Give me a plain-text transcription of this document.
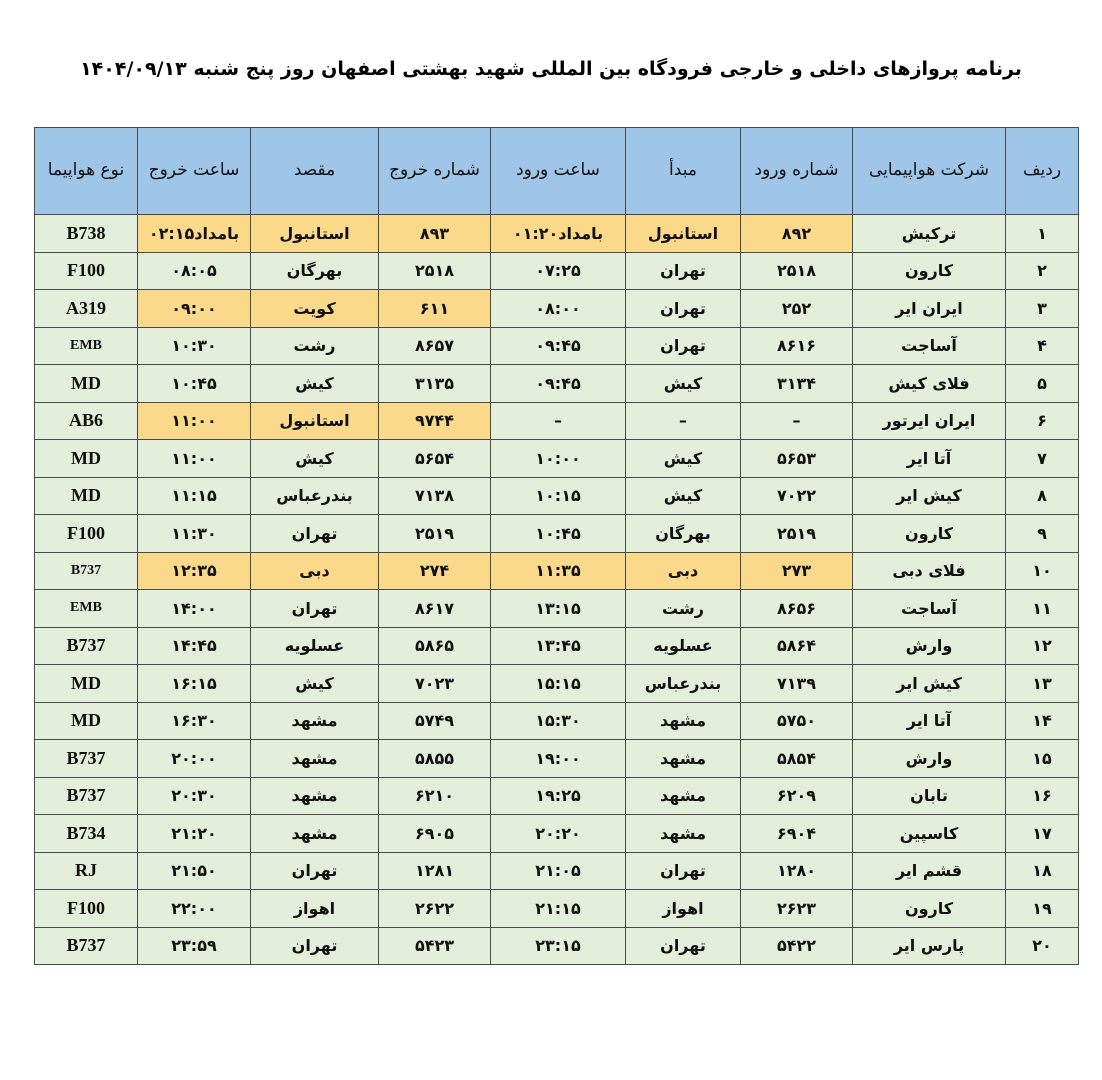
برنامه پروازهای داخلی و خارجی فرودگاه بین المللی شهید بهشتی اصفهان روز پنج شنبه ۱۴۰۴/۰۹/۱۳
ردیف	شرکت هواپیمایی	شماره ورود	مبدأ	ساعت ورود	شماره خروج	مقصد	ساعت خروج	نوع هواپیما
۱	ترکیش	۸۹۲	استانبول	۰۱:۲۰بامداد	۸۹۳	استانبول	۰۲:۱۵بامداد	B738
۲	کارون	۲۵۱۸	تهران	۰۷:۲۵	۲۵۱۸	بهرگان	۰۸:۰۵	F100
۳	ایران ایر	۲۵۲	تهران	۰۸:۰۰	۶۱۱	کویت	۰۹:۰۰	A319
۴	آساجت	۸۶۱۶	تهران	۰۹:۴۵	۸۶۵۷	رشت	۱۰:۳۰	EMB
۵	فلای کیش	۳۱۳۴	کیش	۰۹:۴۵	۳۱۳۵	کیش	۱۰:۴۵	MD
۶	ایران ایرتور	–	–	–	۹۷۴۴	استانبول	۱۱:۰۰	AB6
۷	آتا ایر	۵۶۵۳	کیش	۱۰:۰۰	۵۶۵۴	کیش	۱۱:۰۰	MD
۸	کیش ایر	۷۰۲۲	کیش	۱۰:۱۵	۷۱۳۸	بندرعباس	۱۱:۱۵	MD
۹	کارون	۲۵۱۹	بهرگان	۱۰:۴۵	۲۵۱۹	تهران	۱۱:۳۰	F100
۱۰	فلای دبی	۲۷۳	دبی	۱۱:۳۵	۲۷۴	دبی	۱۲:۳۵	B737
۱۱	آساجت	۸۶۵۶	رشت	۱۳:۱۵	۸۶۱۷	تهران	۱۴:۰۰	EMB
۱۲	وارش	۵۸۶۴	عسلویه	۱۳:۴۵	۵۸۶۵	عسلویه	۱۴:۴۵	B737
۱۳	کیش ایر	۷۱۳۹	بندرعباس	۱۵:۱۵	۷۰۲۳	کیش	۱۶:۱۵	MD
۱۴	آتا ایر	۵۷۵۰	مشهد	۱۵:۳۰	۵۷۴۹	مشهد	۱۶:۳۰	MD
۱۵	وارش	۵۸۵۴	مشهد	۱۹:۰۰	۵۸۵۵	مشهد	۲۰:۰۰	B737
۱۶	تابان	۶۲۰۹	مشهد	۱۹:۲۵	۶۲۱۰	مشهد	۲۰:۳۰	B737
۱۷	کاسپین	۶۹۰۴	مشهد	۲۰:۲۰	۶۹۰۵	مشهد	۲۱:۲۰	B734
۱۸	قشم ایر	۱۲۸۰	تهران	۲۱:۰۵	۱۲۸۱	تهران	۲۱:۵۰	RJ
۱۹	کارون	۲۶۲۳	اهواز	۲۱:۱۵	۲۶۲۲	اهواز	۲۲:۰۰	F100
۲۰	پارس ایر	۵۴۲۲	تهران	۲۳:۱۵	۵۴۲۳	تهران	۲۳:۵۹	B737
